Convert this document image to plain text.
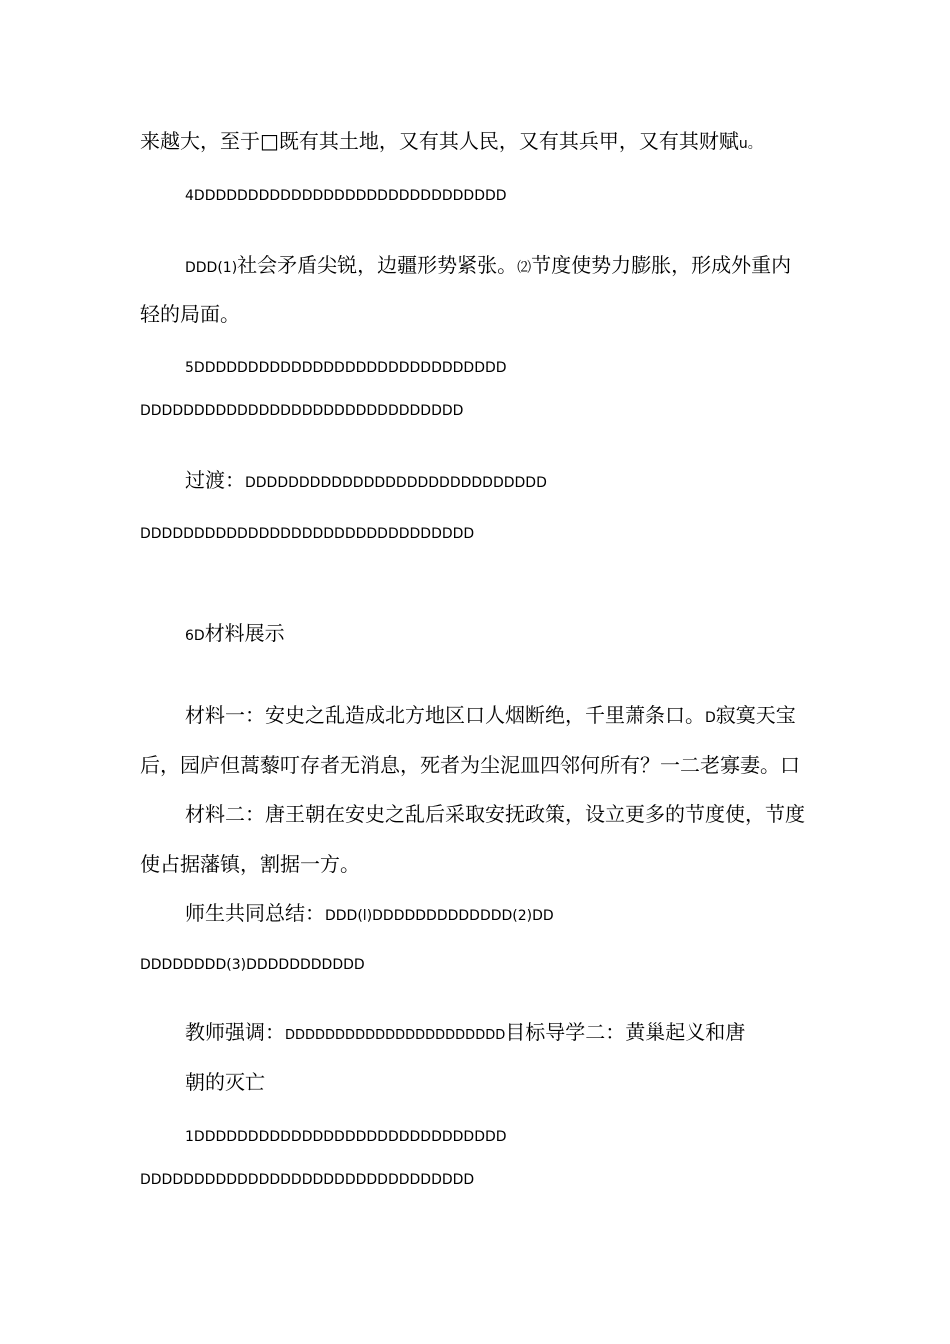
来越大，至于□既有其土地，又有其人民，又有其兵甲，又有其财赋u。
4DDDDDDDDDDDDDDDDDDDDDDDDDDDDD
DDD(1)社会矛盾尖锐，边疆形势紧张。⑵节度使势力膨胀，形成外重内
轻的局面。
5DDDDDDDDDDDDDDDDDDDDDDDDDDDDD
DDDDDDDDDDDDDDDDDDDDDDDDDDDDDD
过渡：DDDDDDDDDDDDDDDDDDDDDDDDDDDD
DDDDDDDDDDDDDDDDDDDDDDDDDDDDDDD
6D材料展示
材料一：安史之乱造成北方地区口人烟断绝，千里萧条口。D寂寞天宝
后，园庐但蒿藜叮存者无消息，死者为尘泥皿四邻何所有？一二老寡妻。口
材料二：唐王朝在安史之乱后采取安抚政策，设立更多的节度使，节度
使占据藩镇，割据一方。
师生共同总结：DDD(l)DDDDDDDDDDDDD(2)DD
DDDDDDDD(3)DDDDDDDDDDD
教师强调：DDDDDDDDDDDDDDDDDDDDDD目标导学二：黄巢起义和唐
朝的灭亡
1DDDDDDDDDDDDDDDDDDDDDDDDDDDDD
DDDDDDDDDDDDDDDDDDDDDDDDDDDDDDD
